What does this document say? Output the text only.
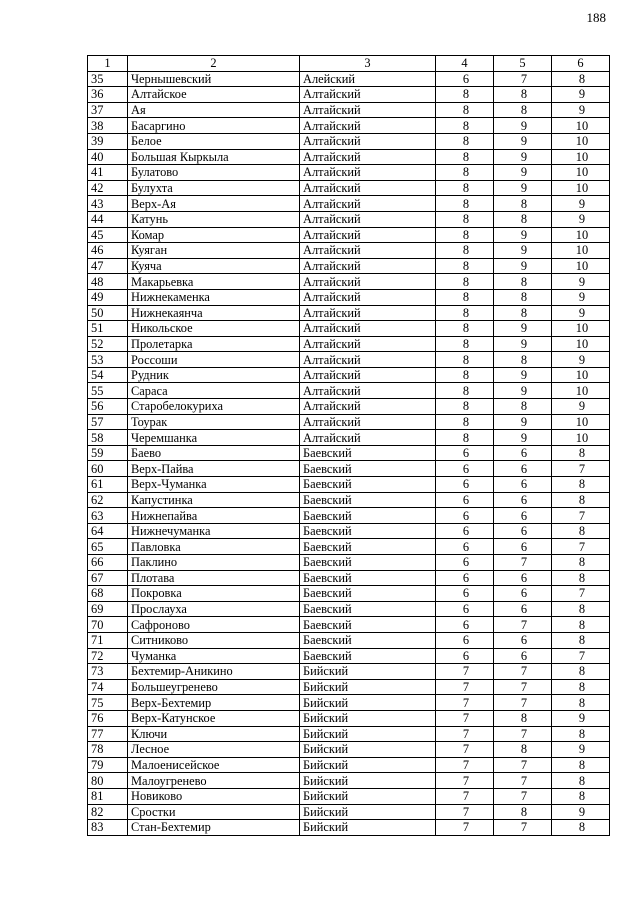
188
1	2	3	4	5	6
35	Чернышевский	Алейский	6	7	8
36	Алтайское	Алтайский	8	8	9
37	Ая	Алтайский	8	8	9
38	Басаргино	Алтайский	8	9	10
39	Белое	Алтайский	8	9	10
40	Большая Кыркыла	Алтайский	8	9	10
41	Булатово	Алтайский	8	9	10
42	Булухта	Алтайский	8	9	10
43	Верх-Ая	Алтайский	8	8	9
44	Катунь	Алтайский	8	8	9
45	Комар	Алтайский	8	9	10
46	Куяган	Алтайский	8	9	10
47	Куяча	Алтайский	8	9	10
48	Макарьевка	Алтайский	8	8	9
49	Нижнекаменка	Алтайский	8	8	9
50	Нижнекаянча	Алтайский	8	8	9
51	Никольское	Алтайский	8	9	10
52	Пролетарка	Алтайский	8	9	10
53	Россоши	Алтайский	8	8	9
54	Рудник	Алтайский	8	9	10
55	Сараса	Алтайский	8	9	10
56	Старобелокуриха	Алтайский	8	8	9
57	Тоурак	Алтайский	8	9	10
58	Черемшанка	Алтайский	8	9	10
59	Баево	Баевский	6	6	8
60	Верх-Пайва	Баевский	6	6	7
61	Верх-Чуманка	Баевский	6	6	8
62	Капустинка	Баевский	6	6	8
63	Нижнепайва	Баевский	6	6	7
64	Нижнечуманка	Баевский	6	6	8
65	Павловка	Баевский	6	6	7
66	Паклино	Баевский	6	7	8
67	Плотава	Баевский	6	6	8
68	Покровка	Баевский	6	6	7
69	Прослауха	Баевский	6	6	8
70	Сафроново	Баевский	6	7	8
71	Ситниково	Баевский	6	6	8
72	Чуманка	Баевский	6	6	7
73	Бехтемир-Аникино	Бийский	7	7	8
74	Большеугренево	Бийский	7	7	8
75	Верх-Бехтемир	Бийский	7	7	8
76	Верх-Катунское	Бийский	7	8	9
77	Ключи	Бийский	7	7	8
78	Лесное	Бийский	7	8	9
79	Малоенисейское	Бийский	7	7	8
80	Малоугренево	Бийский	7	7	8
81	Новиково	Бийский	7	7	8
82	Сростки	Бийский	7	8	9
83	Стан-Бехтемир	Бийский	7	7	8
